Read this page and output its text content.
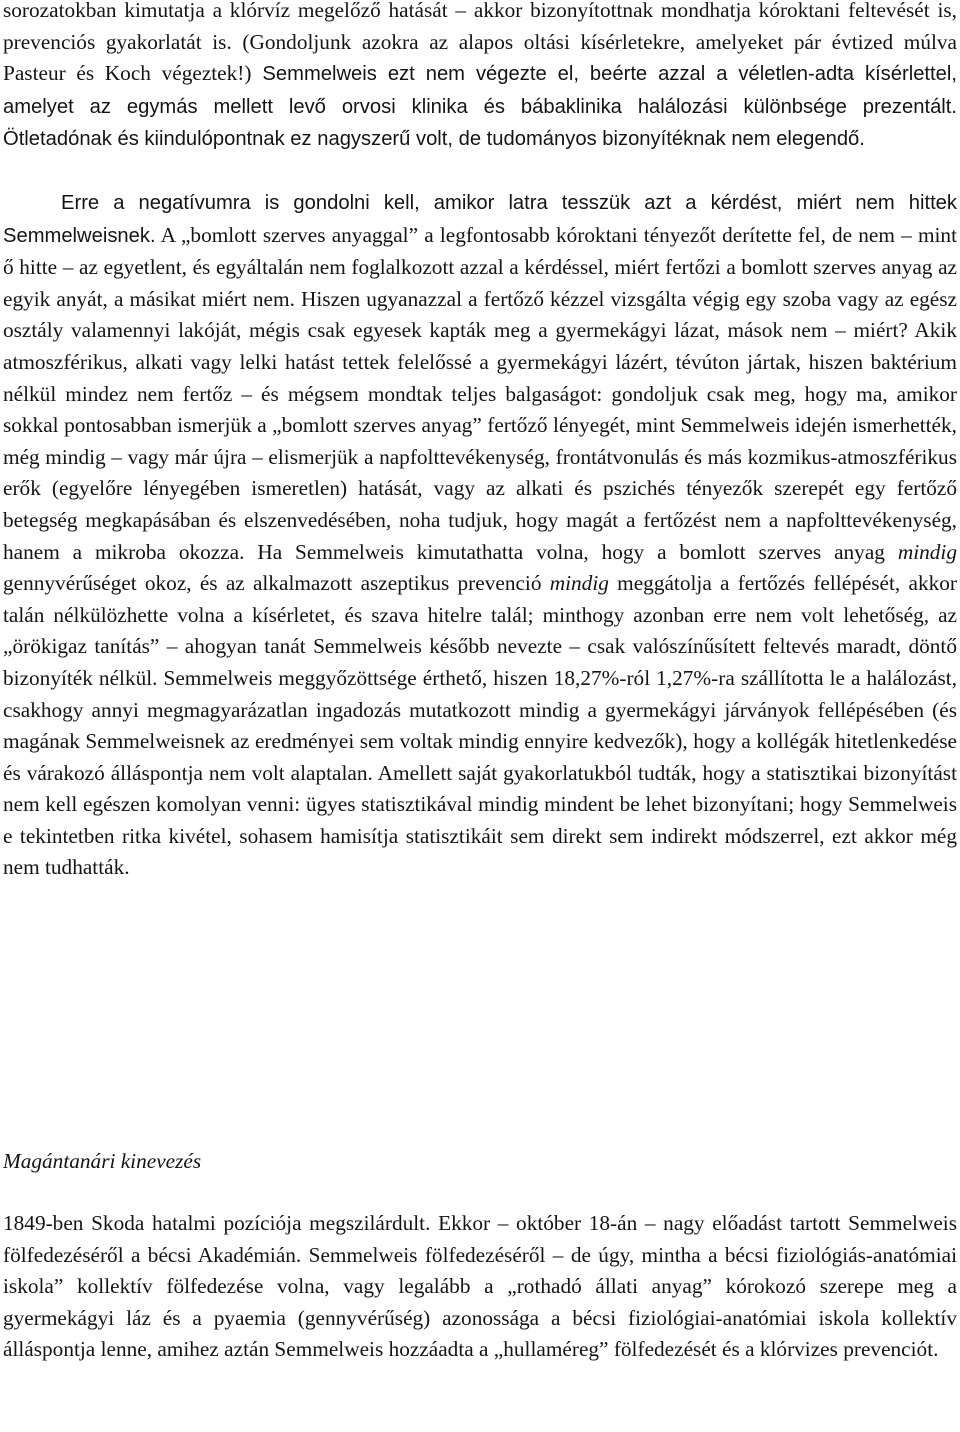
sorozatokban kimutatja a klórvíz megelőző hatását – akkor bizonyítottnak mondhatja kóroktani feltevését is, prevenciós gyakorlatát is. (Gondoljunk azokra az alapos oltási kísérletekre, amelyeket pár évtized múlva Pasteur és Koch végeztek!) Semmelweis ezt nem végezte el, beérte azzal a véletlen-adta kísérlettel, amelyet az egymás mellett levő orvosi klinika és bábaklinika halálozási különbsége prezentált. Ötletadónak és kiindulópontnak ez nagyszerű volt, de tudományos bizonyítéknak nem elegendő.

Erre a negatívumra is gondolni kell, amikor latra tesszük azt a kérdést, miért nem hittek Semmelweisnek. A „bomlott szerves anyaggal” a legfontosabb kóroktani tényezőt derítette fel, de nem – mint ő hitte – az egyetlent, és egyáltalán nem foglalkozott azzal a kérdéssel, miért fertőzi a bomlott szerves anyag az egyik anyát, a másikat miért nem. Hiszen ugyanazzal a fertőző kézzel vizsgálta végig egy szoba vagy az egész osztály valamennyi lakóját, mégis csak egyesek kapták meg a gyermekágyi lázat, mások nem – miért? Akik atmoszférikus, alkati vagy lelki hatást tettek felelőssé a gyermekágyi lázért, tévúton jártak, hiszen baktérium nélkül mindez nem fertőz – és mégsem mondtak teljes balgaságot: gondoljuk csak meg, hogy ma, amikor sokkal pontosabban ismerjük a „bomlott szerves anyag” fertőző lényegét, mint Semmelweis idején ismerhették, még mindig – vagy már újra – elismerjük a napfolttevékenység, frontátvonulás és más kozmikus-atmoszférikus erők (egyelőre lényegében ismeretlen) hatását, vagy az alkati és pszichés tényezők szerepét egy fertőző betegség megkapásában és elszenvedésében, noha tudjuk, hogy magát a fertőzést nem a napfolttevékenység, hanem a mikroba okozza. Ha Semmelweis kimutathatta volna, hogy a bomlott szerves anyag mindig gennyvérűséget okoz, és az alkalmazott aszeptikus prevenció mindig meggátolja a fertőzés fellépését, akkor talán nélkülözhette volna a kísérletet, és szava hitelre talál; minthogy azonban erre nem volt lehetőség, az „örökigaz tanítás” – ahogyan tanát Semmelweis később nevezte – csak valószínűsített feltevés maradt, döntő bizonyíték nélkül. Semmelweis meggyőzöttsége érthető, hiszen 18,27%-ról 1,27%-ra szállította le a halálozást, csakhogy annyi megmagyarázatlan ingadozás mutatkozott mindig a gyermekágyi járványok fellépésében (és magának Semmelweisnek az eredményei sem voltak mindig ennyire kedvezők), hogy a kollégák hitetlenkedése és várakozó álláspontja nem volt alaptalan. Amellett saját gyakorlatukból tudták, hogy a statisztikai bizonyítást nem kell egészen komolyan venni: ügyes statisztikával mindig mindent be lehet bizonyítani; hogy Semmelweis e tekintetben ritka kivétel, sohasem hamisítja statisztikáit sem direkt sem indirekt módszerrel, ezt akkor még nem tudhatták.

Magántanári kinevezés

1849-ben Skoda hatalmi pozíciója megszilárdult. Ekkor – október 18-án – nagy előadást tartott Semmelweis fölfedezéséről a bécsi Akadémián. Semmelweis fölfedezéséről – de úgy, mintha a bécsi fiziológiás-anatómiai iskola” kollektív fölfedezése volna, vagy legalább a „rothadó állati anyag” kórokozó szerepe meg a gyermekágyi láz és a pyaemia (gennyvérűség) azonossága a bécsi fiziológiai-anatómiai iskola kollektív álláspontja lenne, amihez aztán Semmelweis hozzáadta a „hullaméreg” fölfedezését és a klórvizes prevenciót.
